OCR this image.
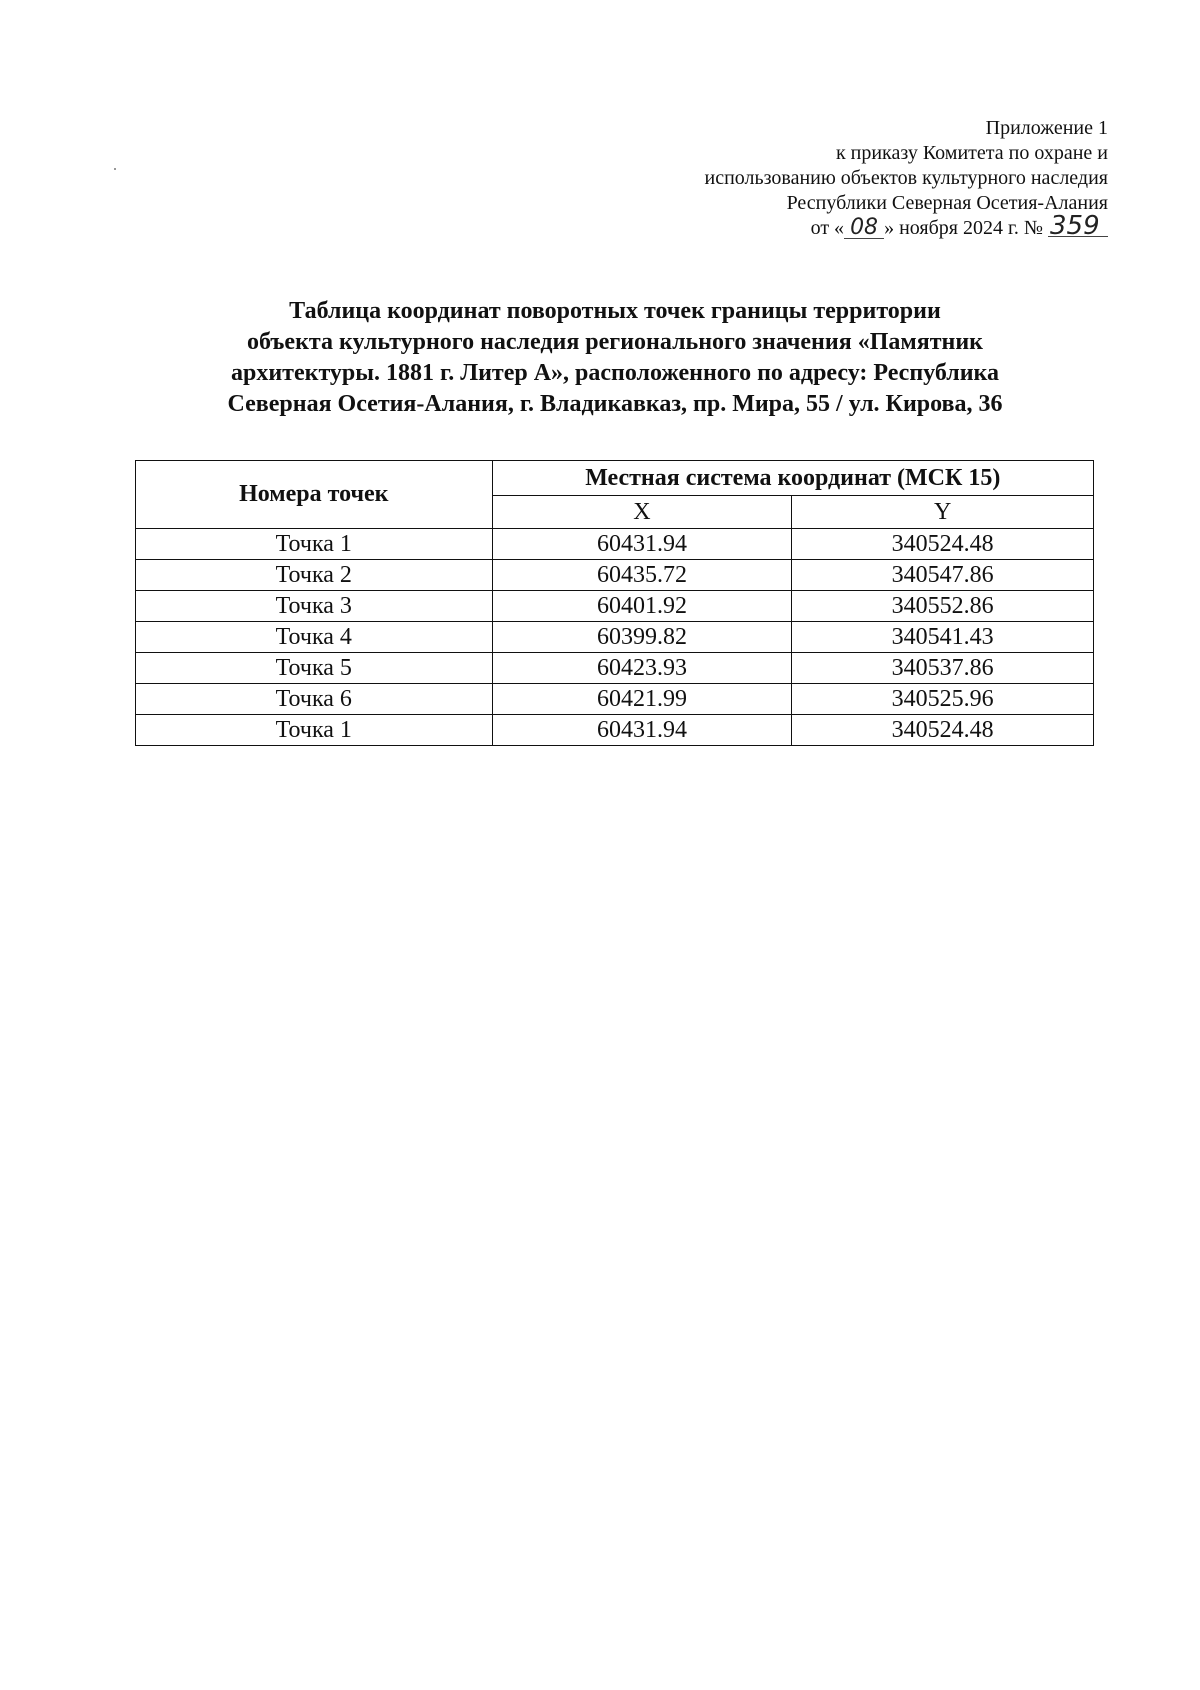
Приложение 1
к приказу Комитета по охране и
использованию объектов культурного наследия
Республики Северная Осетия-Алания
от « 08 » ноября 2024 г. № 359
Таблица координат поворотных точек границы территории
объекта культурного наследия регионального значения «Памятник
архитектуры. 1881 г. Литер А», расположенного по адресу: Республика
Северная Осетия-Алания, г. Владикавказ, пр. Мира, 55 / ул. Кирова, 36
Номера точек	Местная система координат (МСК 15)	
	X	Y
Точка 1	60431.94	340524.48
Точка 2	60435.72	340547.86
Точка 3	60401.92	340552.86
Точка 4	60399.82	340541.43
Точка 5	60423.93	340537.86
Точка 6	60421.99	340525.96
Точка 1	60431.94	340524.48
